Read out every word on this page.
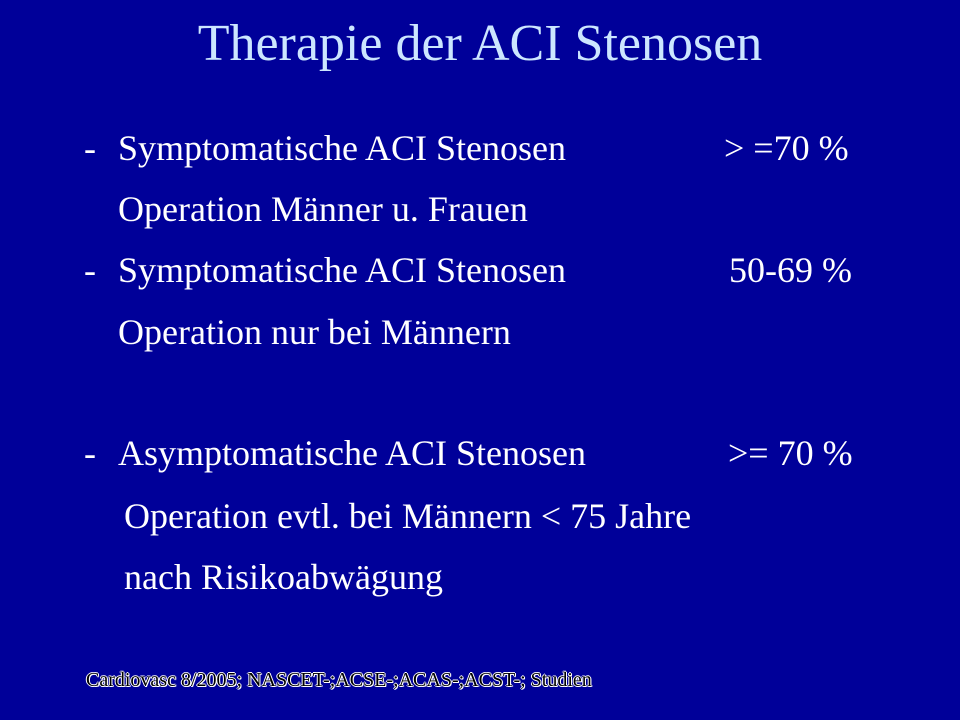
Therapie der ACI Stenosen
- Symptomatische ACI Stenosen	> =70 %
Operation Männer u. Frauen
- Symptomatische ACI Stenosen	50-69 %
Operation nur bei Männern
- Asymptomatische ACI Stenosen	>= 70 %
Operation evtl. bei Männern < 75 Jahre
nach Risikoabwägung
Cardiovasc 8/2005; NASCET-;ACSE-;ACAS-;ACST-; Studien
